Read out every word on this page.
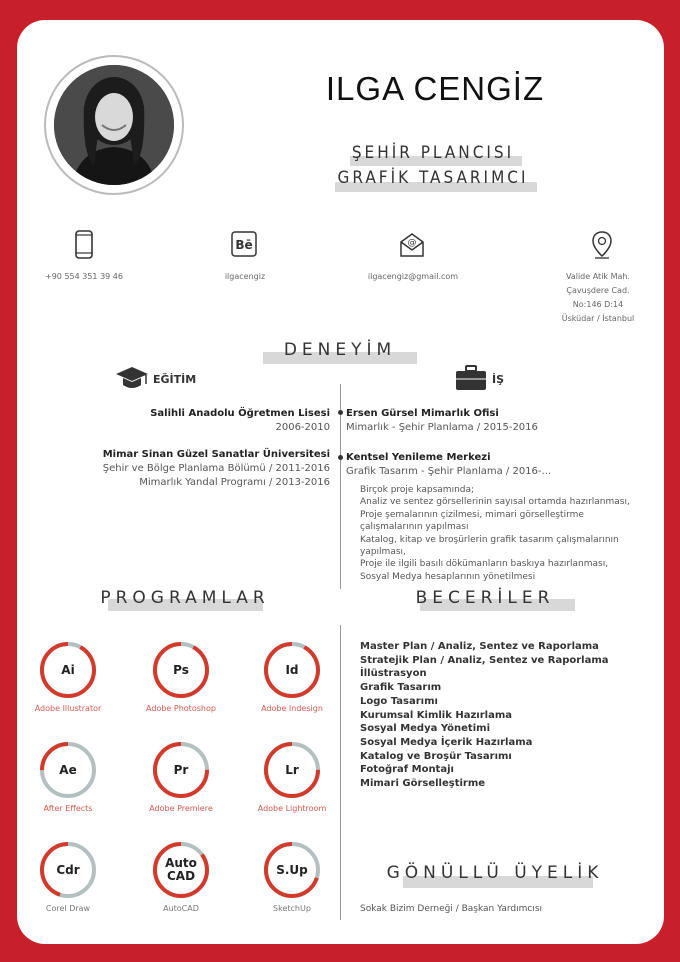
ILGA CENGİZ
ŞEHİR PLANCISI
GRAFİK TASARIMCI
+90 554 351 39 46
Bē
ilgacengiz
@
ilgacengiz@gmail.com	Valide Atik Mah.
Çavuşdere Cad.
No:146 D:14
Üsküdar / İstanbul
DENEYİM
EĞİTİM	İŞ
Salihli Anadolu Öğretmen Lisesi
2006-2010
Mimar Sinan Güzel Sanatlar Üniversitesi
Şehir ve Bölge Planlama Bölümü / 2011-2016
Mimarlık Yandal Programı / 2013-2016
Ersen Gürsel Mimarlık Ofisi
Mimarlık - Şehir Planlama / 2015-2016
Kentsel Yenileme Merkezi
Grafik Tasarım - Şehir Planlama / 2016-...
Birçok proje kapsamında;
Analiz ve sentez görsellerinin sayısal ortamda hazırlanması,
Proje şemalarının çizilmesi, mimari görselleştirme
çalışmalarının yapılması
Katalog, kitap ve broşürlerin grafik tasarım çalışmalarının
yapılması,
Proje ile ilgili basılı dökümanların baskıya hazırlanması,
Sosyal Medya hesaplarının yönetilmesi
PROGRAMLAR	BECERİLER
Ai
Adobe Illustrator
Ps
Adobe Photoshop
Id
Adobe Indesign
Ae
After Effects
Pr
Adobe Premiere
Lr
Adobe Lightroom
Cdr
Corel Draw
Auto
CAD
AutoCAD
S.Up
SketchUp
Master Plan / Analiz, Sentez ve Raporlama
Stratejik Plan / Analiz, Sentez ve Raporlama
İllüstrasyon
Grafik Tasarım
Logo Tasarımı
Kurumsal Kimlik Hazırlama
Sosyal Medya Yönetimi
Sosyal Medya İçerik Hazırlama
Katalog ve Broşür Tasarımı
Fotoğraf Montajı
Mimari Görselleştirme
GÖNÜLLÜ ÜYELİK
Sokak Bizim Derneği / Başkan Yardımcısı
